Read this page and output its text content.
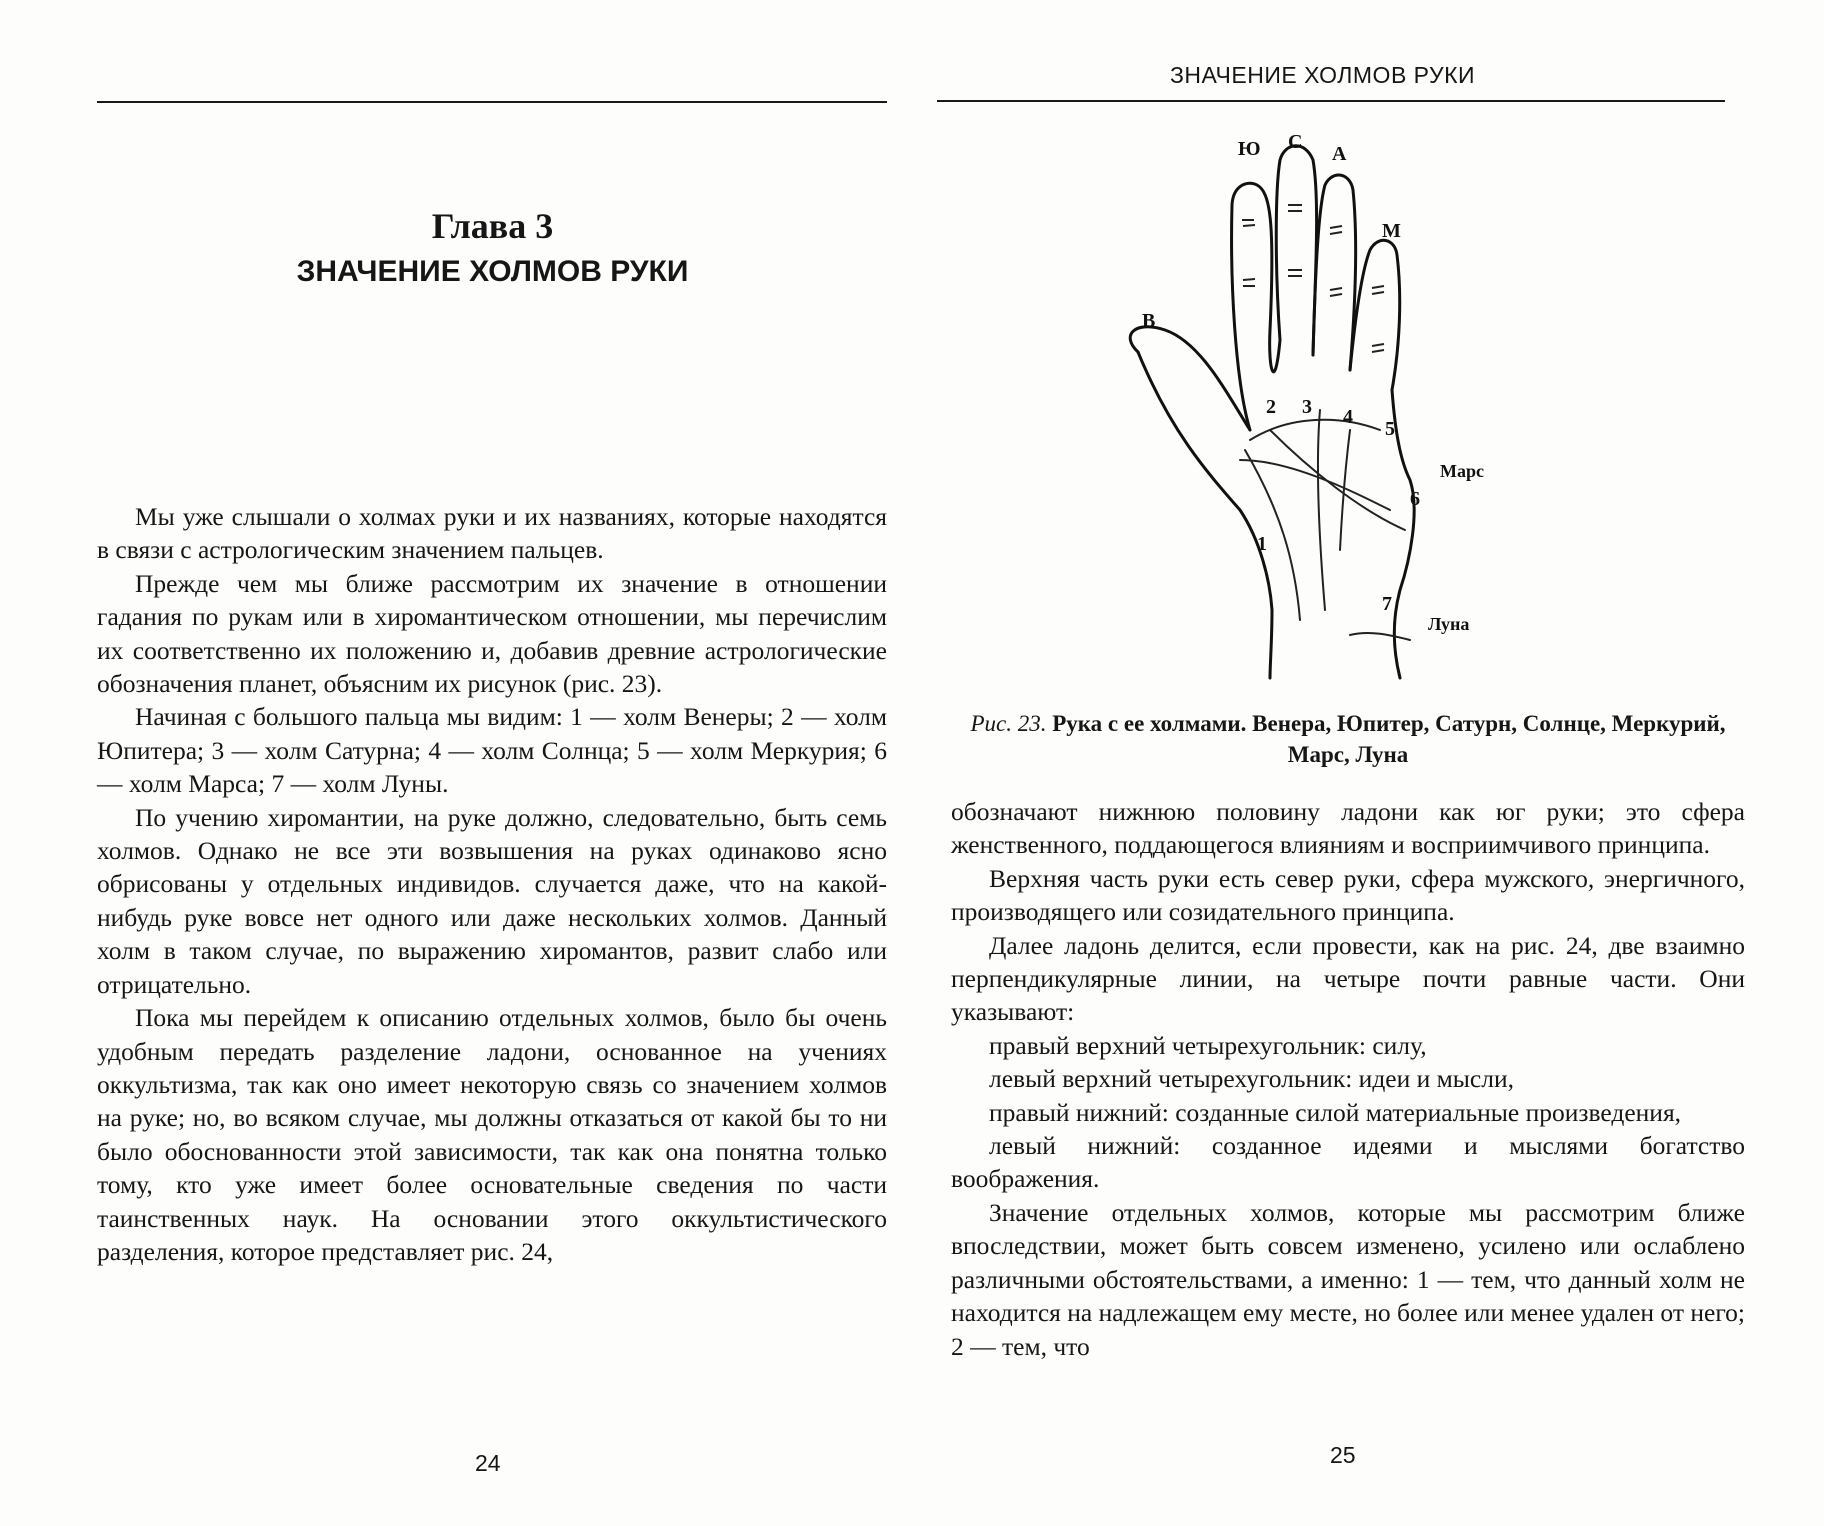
ЗНАЧЕНИЕ ХОЛМОВ РУКИ
Глава 3
ЗНАЧЕНИЕ ХОЛМОВ РУКИ

Мы уже слышали о холмах руки и их названиях, которые находятся в связи с астрологическим значением пальцев.

Прежде чем мы ближе рассмотрим их значение в отношении гадания по рукам или в хиромантическом отношении, мы перечислим их соответственно их положению и, добавив древние астрологические обозначения планет, объясним их рисунок (рис. 23).

Начиная с большого пальца мы видим: 1 — холм Венеры; 2 — холм Юпитера; 3 — холм Сатурна; 4 — холм Солнца; 5 — холм Меркурия; 6 — холм Марса; 7 — холм Луны.

По учению хиромантии, на руке должно, следовательно, быть семь холмов. Однако не все эти возвышения на руках одинаково ясно обрисованы у отдельных индивидов. случается даже, что на какой-нибудь руке вовсе нет одного или даже нескольких холмов. Данный холм в таком случае, по выражению хиромантов, развит слабо или отрицательно.

Пока мы перейдем к описанию отдельных холмов, было бы очень удобным передать разделение ладони, основанное на учениях оккультизма, так как оно имеет некоторую связь со значением холмов на руке; но, во всяком случае, мы должны отказаться от какой бы то ни было обоснованности этой зависимости, так как она понятна только тому, кто уже имеет более основательные сведения по части таинственных наук. На основании этого оккультистического разделения, которое представляет рис. 24,

24
Ю С
А
М
В
1
2 3 4
5
6
7
Марс
Луна
Рис. 23. Рука с ее холмами. Венера, Юпитер, Сатурн, Солнце, Меркурий, Марс, Луна

обозначают нижнюю половину ладони как юг руки; это сфера женственного, поддающегося влияниям и восприимчивого принципа.

Верхняя часть руки есть север руки, сфера мужского, энергичного, производящего или созидательного принципа.

Далее ладонь делится, если провести, как на рис. 24, две взаимно перпендикулярные линии, на четыре почти равные части. Они указывают:

правый верхний четырехугольник: силу,

левый верхний четырехугольник: идеи и мысли,

правый нижний: созданные силой материальные произведения,

левый нижний: созданное идеями и мыслями богатство воображения.

Значение отдельных холмов, которые мы рассмотрим ближе впоследствии, может быть совсем изменено, усилено или ослаблено различными обстоятельствами, а именно: 1 — тем, что данный холм не находится на надлежащем ему месте, но более или менее удален от него; 2 — тем, что

25
